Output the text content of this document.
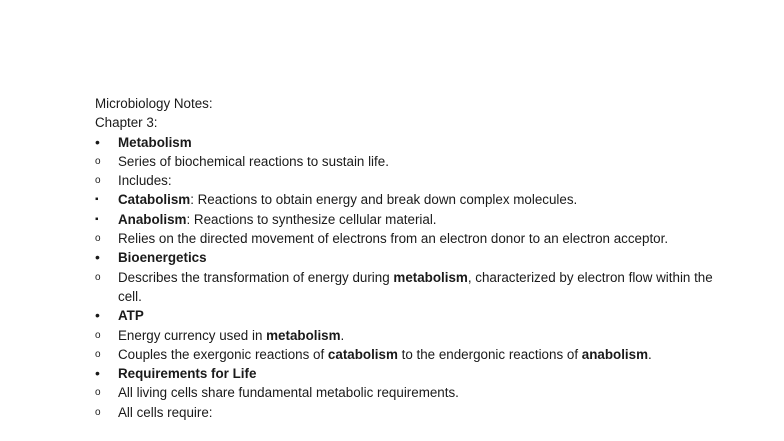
Microbiology Notes:
Chapter 3:
•	Metabolism
o	Series of biochemical reactions to sustain life.
o	Includes:
▪	Catabolism: Reactions to obtain energy and break down complex molecules.
▪	Anabolism: Reactions to synthesize cellular material.
o	Relies on the directed movement of electrons from an electron donor to an electron acceptor.
•	Bioenergetics
o	Describes the transformation of energy during metabolism, characterized by electron flow within the cell.
•	ATP
o	Energy currency used in metabolism.
o	Couples the exergonic reactions of catabolism to the endergonic reactions of anabolism.
•	Requirements for Life
o	All living cells share fundamental metabolic requirements.
o	All cells require:
